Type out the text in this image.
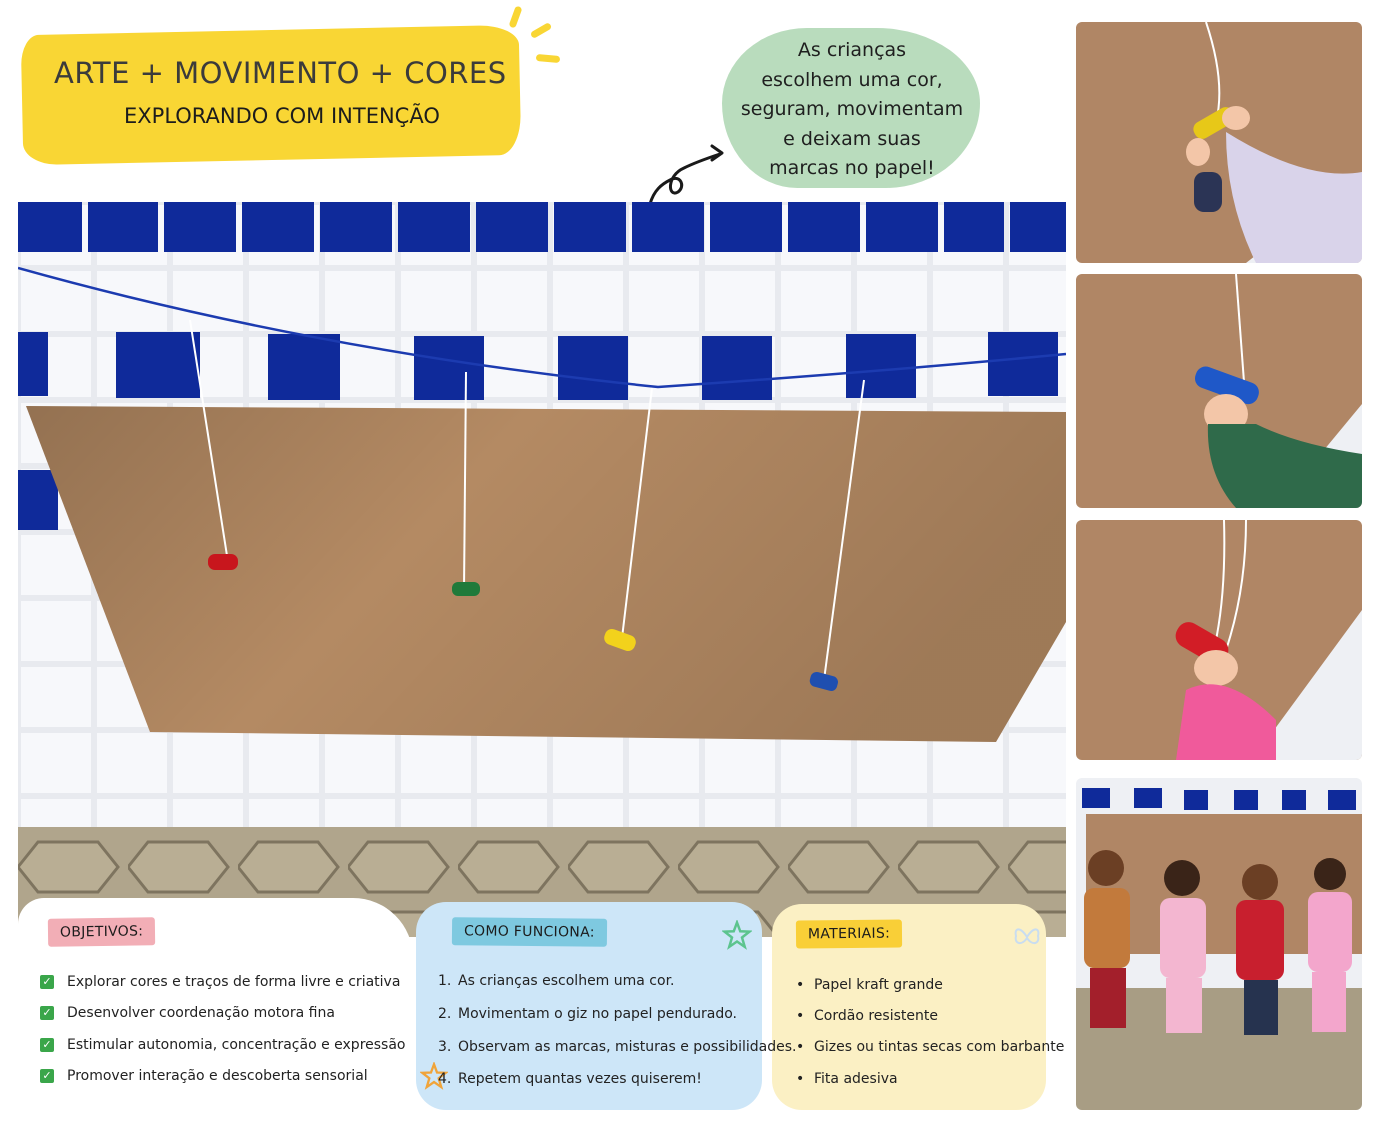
ARTE + MOVIMENTO + CORES
EXPLORANDO COM INTENÇÃO
As crianças
escolhem uma cor,
seguram, movimentam
e deixam suas
marcas no papel!
OBJETIVOS:	COMO FUNCIONA:	MATERIAIS:
✓ Explorar cores e traços de forma livre e criativa
✓ Desenvolver coordenação motora fina
✓ Estimular autonomia, concentração e expressão
✓ Promover interação e descoberta sensorial
1. As crianças escolhem uma cor.
2. Movimentam o giz no papel pendurado.
3. Observam as marcas, misturas e possibilidades.
4. Repetem quantas vezes quiserem!
• Papel kraft grande
• Cordão resistente
• Gizes ou tintas secas com barbante
• Fita adesiva
